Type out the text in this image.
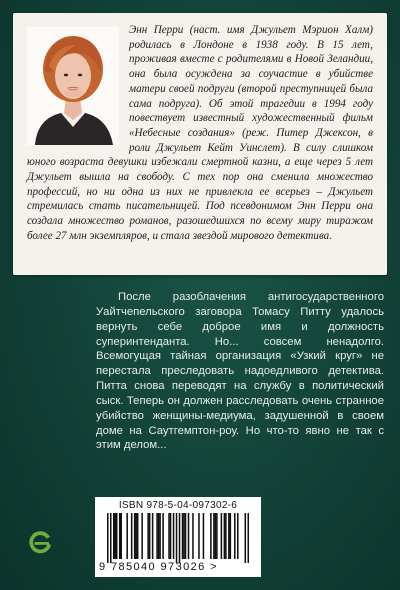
Энн Перри (наст. имя Джульет Мэрион Халм) родилась в Лондоне в 1938 году. В 15 лет, проживая вместе с родителями в Новой Зеландии, она была осуждена за соучастие в убийстве матери своей подруги (второй преступницей была сама подруга). Об этой трагедии в 1994 году повествует известный художественный фильм «Небесные создания» (реж. Питер Джексон, в роли Джульет Кейт Уинслет). В силу слишком юного возраста девушки избежали смертной казни, а еще через 5 лет Джульет вышла на свободу. С тех пор она сменила множество профессий, но ни одна из них не привлекла ее всерьез – Джульет стремилась стать писательницей. Под псевдонимом Энн Перри она создала множество романов, разошедшихся по всему миру тиражом более 27 млн экземпляров, и стала звездой мирового детектива.

После разоблачения антигосударственного Уайтчепельского заговора Томасу Питту удалось вернуть себе доброе имя и должность суперинтенданта. Но... совсем ненадолго. Всемогущая тайная организация «Узкий круг» не перестала преследовать надоедливого детектива. Питта снова переводят на службу в политический сыск. Теперь он должен расследовать очень странное убийство женщины-медиума, задушенной в своем доме на Саутгемптон-роу. Но что-то явно не так с этим делом...

ISBN 978-5-04-097302-6
9 785040 973026 >
